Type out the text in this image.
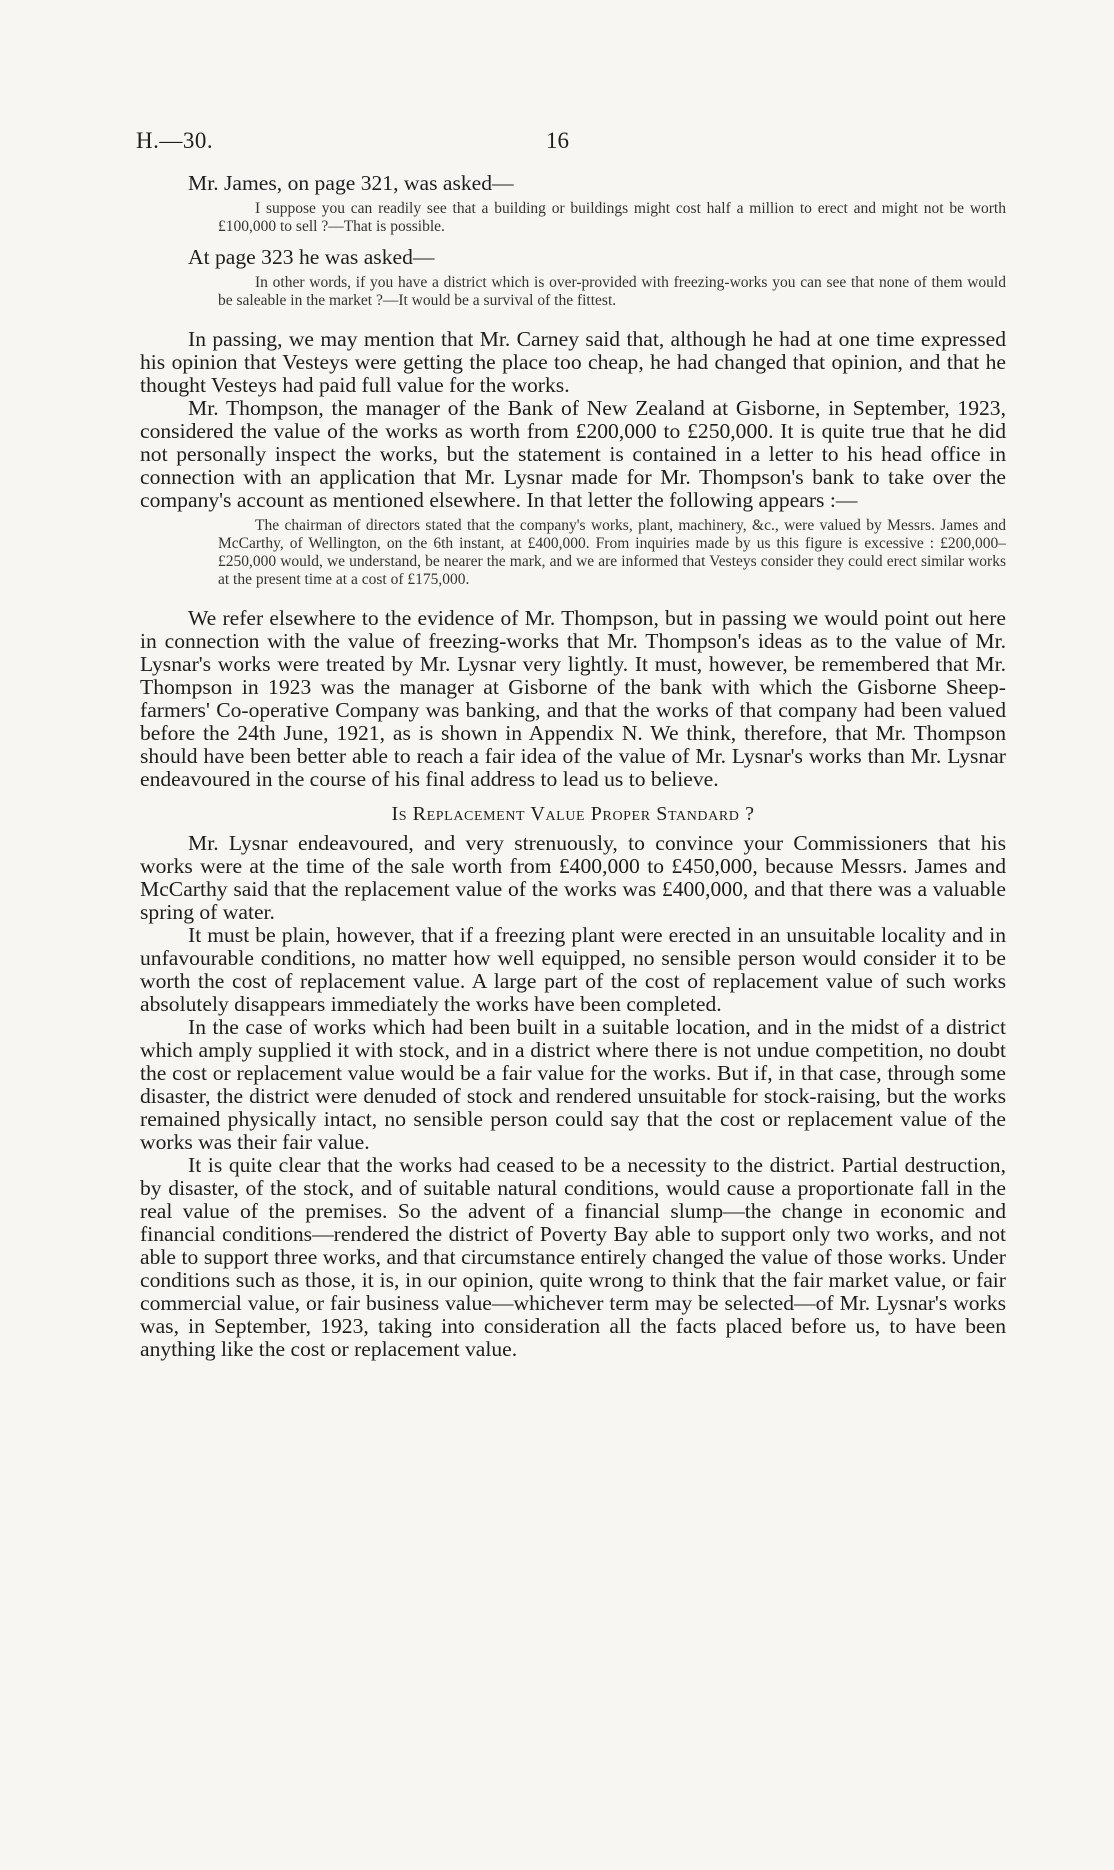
H.—30.	16

Mr. James, on page 321, was asked—

I suppose you can readily see that a building or buildings might cost half a million to erect and might not be worth £100,000 to sell ?—That is possible.

At page 323 he was asked—

In other words, if you have a district which is over-provided with freezing-works you can see that none of them would be saleable in the market ?—It would be a survival of the fittest.

In passing, we may mention that Mr. Carney said that, although he had at one time expressed his opinion that Vesteys were getting the place too cheap, he had changed that opinion, and that he thought Vesteys had paid full value for the works.

Mr. Thompson, the manager of the Bank of New Zealand at Gisborne, in September, 1923, considered the value of the works as worth from £200,000 to £250,000. It is quite true that he did not personally inspect the works, but the statement is contained in a letter to his head office in connection with an application that Mr. Lysnar made for Mr. Thompson's bank to take over the company's account as mentioned elsewhere. In that letter the following appears :—

The chairman of directors stated that the company's works, plant, machinery, &c., were valued by Messrs. James and McCarthy, of Wellington, on the 6th instant, at £400,000. From inquiries made by us this figure is excessive : £200,000–£250,000 would, we understand, be nearer the mark, and we are informed that Vesteys consider they could erect similar works at the present time at a cost of £175,000.

We refer elsewhere to the evidence of Mr. Thompson, but in passing we would point out here in connection with the value of freezing-works that Mr. Thompson's ideas as to the value of Mr. Lysnar's works were treated by Mr. Lysnar very lightly. It must, however, be remembered that Mr. Thompson in 1923 was the manager at Gisborne of the bank with which the Gisborne Sheep-farmers' Co-operative Company was banking, and that the works of that company had been valued before the 24th June, 1921, as is shown in Appendix N. We think, therefore, that Mr. Thompson should have been better able to reach a fair idea of the value of Mr. Lysnar's works than Mr. Lysnar endeavoured in the course of his final address to lead us to believe.

Is Replacement Value Proper Standard ?

Mr. Lysnar endeavoured, and very strenuously, to convince your Commissioners that his works were at the time of the sale worth from £400,000 to £450,000, because Messrs. James and McCarthy said that the replacement value of the works was £400,000, and that there was a valuable spring of water.

It must be plain, however, that if a freezing plant were erected in an unsuitable locality and in unfavourable conditions, no matter how well equipped, no sensible person would consider it to be worth the cost of replacement value. A large part of the cost of replacement value of such works absolutely disappears immediately the works have been completed.

In the case of works which had been built in a suitable location, and in the midst of a district which amply supplied it with stock, and in a district where there is not undue competition, no doubt the cost or replacement value would be a fair value for the works. But if, in that case, through some disaster, the district were denuded of stock and rendered unsuitable for stock-raising, but the works remained physically intact, no sensible person could say that the cost or replacement value of the works was their fair value.

It is quite clear that the works had ceased to be a necessity to the district. Partial destruction, by disaster, of the stock, and of suitable natural conditions, would cause a proportionate fall in the real value of the premises. So the advent of a financial slump—the change in economic and financial conditions—rendered the district of Poverty Bay able to support only two works, and not able to support three works, and that circumstance entirely changed the value of those works. Under conditions such as those, it is, in our opinion, quite wrong to think that the fair market value, or fair commercial value, or fair business value—whichever term may be selected—of Mr. Lysnar's works was, in September, 1923, taking into consideration all the facts placed before us, to have been anything like the cost or replacement value.
